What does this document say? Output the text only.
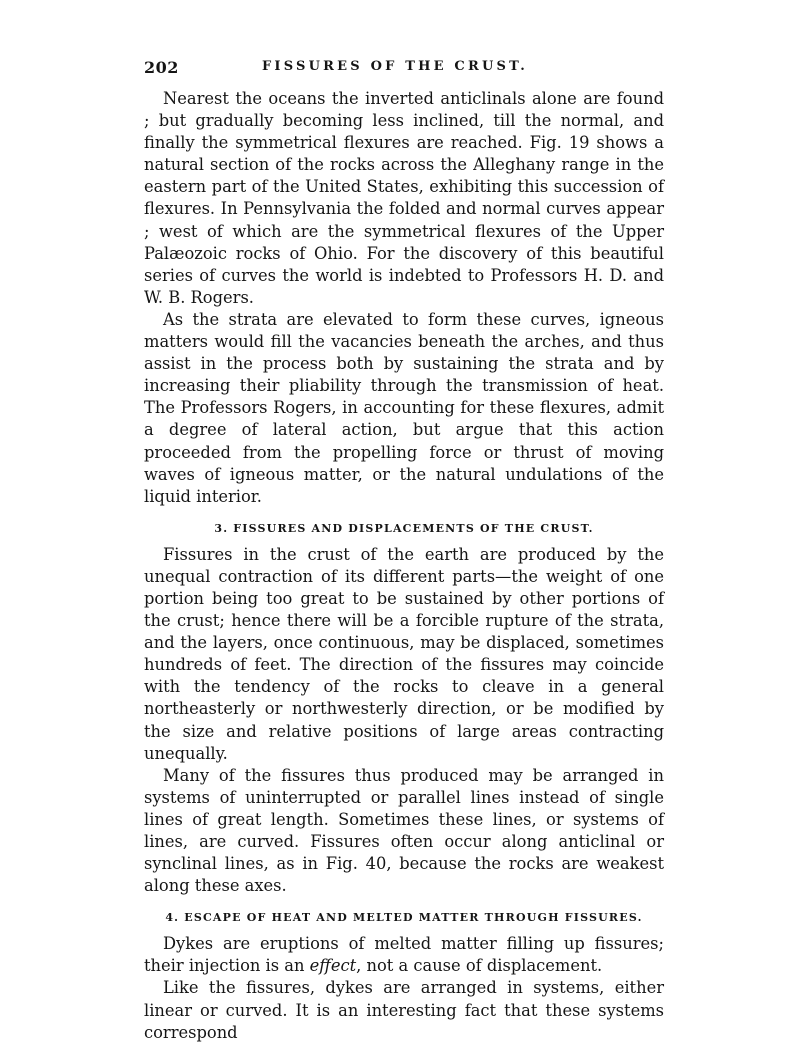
202	FISSURES OF THE CRUST.

Nearest the oceans the inverted anticlinals alone are found ; but gradually becoming less inclined, till the normal, and finally the symmetrical flexures are reached. Fig. 19 shows a natural section of the rocks across the Alleghany range in the eastern part of the United States, exhibiting this succession of flexures. In Pennsylvania the folded and normal curves appear ; west of which are the symmetrical flexures of the Upper Palæozoic rocks of Ohio. For the discovery of this beautiful series of curves the world is indebted to Professors H. D. and W. B. Rogers.

As the strata are elevated to form these curves, igneous matters would fill the vacancies beneath the arches, and thus assist in the process both by sustaining the strata and by increasing their pliability through the transmission of heat. The Professors Rogers, in accounting for these flexures, admit a degree of lateral action, but argue that this action proceeded from the propelling force or thrust of moving waves of igneous matter, or the natural undulations of the liquid interior.

3. FISSURES AND DISPLACEMENTS OF THE CRUST.

Fissures in the crust of the earth are produced by the unequal contraction of its different parts—the weight of one portion being too great to be sustained by other portions of the crust; hence there will be a forcible rupture of the strata, and the layers, once continuous, may be displaced, sometimes hundreds of feet. The direction of the fissures may coincide with the tendency of the rocks to cleave in a general northeasterly or northwesterly direction, or be modified by the size and relative positions of large areas contracting unequally.

Many of the fissures thus produced may be arranged in systems of uninterrupted or parallel lines instead of single lines of great length. Sometimes these lines, or systems of lines, are curved. Fissures often occur along anticlinal or synclinal lines, as in Fig. 40, because the rocks are weakest along these axes.

4. ESCAPE OF HEAT AND MELTED MATTER THROUGH FISSURES.

Dykes are eruptions of melted matter filling up fissures; their injection is an effect, not a cause of displacement.

Like the fissures, dykes are arranged in systems, either linear or curved. It is an interesting fact that these systems correspond
